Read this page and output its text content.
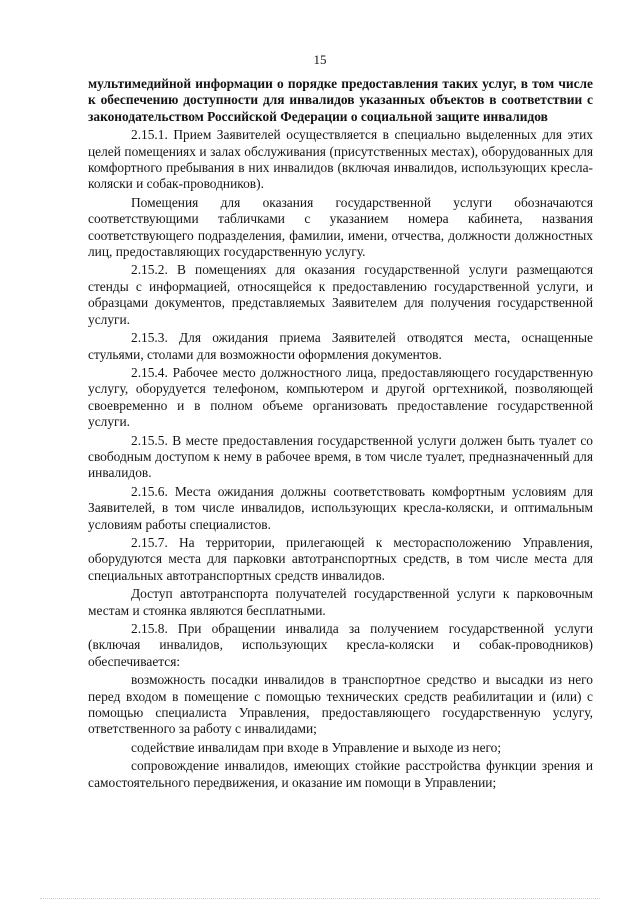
15

мультимедийной информации о порядке предоставления таких услуг, в том числе к обеспечению доступности для инвалидов указанных объектов в соответствии с законодательством Российской Федерации о социальной защите инвалидов

2.15.1. Прием Заявителей осуществляется в специально выделенных для этих целей помещениях и залах обслуживания (присутственных местах), оборудованных для комфортного пребывания в них инвалидов (включая инвалидов, использующих кресла-коляски и собак-проводников).

Помещения для оказания государственной услуги обозначаются соответствующими табличками с указанием номера кабинета, названия соответствующего подразделения, фамилии, имени, отчества, должности должностных лиц, предоставляющих государственную услугу.

2.15.2. В помещениях для оказания государственной услуги размещаются стенды с информацией, относящейся к предоставлению государственной услуги, и образцами документов, представляемых Заявителем для получения государственной услуги.

2.15.3. Для ожидания приема Заявителей отводятся места, оснащенные стульями, столами для возможности оформления документов.

2.15.4. Рабочее место должностного лица, предоставляющего государственную услугу, оборудуется телефоном, компьютером и другой оргтехникой, позволяющей своевременно и в полном объеме организовать предоставление государственной услуги.

2.15.5. В месте предоставления государственной услуги должен быть туалет со свободным доступом к нему в рабочее время, в том числе туалет, предназначенный для инвалидов.

2.15.6. Места ожидания должны соответствовать комфортным условиям для Заявителей, в том числе инвалидов, использующих кресла-коляски, и оптимальным условиям работы специалистов.

2.15.7. На территории, прилегающей к месторасположению Управления, оборудуются места для парковки автотранспортных средств, в том числе места для специальных автотранспортных средств инвалидов.

Доступ автотранспорта получателей государственной услуги к парковочным местам и стоянка являются бесплатными.

2.15.8. При обращении инвалида за получением государственной услуги (включая инвалидов, использующих кресла-коляски и собак-проводников) обеспечивается:

возможность посадки инвалидов в транспортное средство и высадки из него перед входом в помещение с помощью технических средств реабилитации и (или) с помощью специалиста Управления, предоставляющего государственную услугу, ответственного за работу с инвалидами;

содействие инвалидам при входе в Управление и выходе из него;

сопровождение инвалидов, имеющих стойкие расстройства функции зрения и самостоятельного передвижения, и оказание им помощи в Управлении;
